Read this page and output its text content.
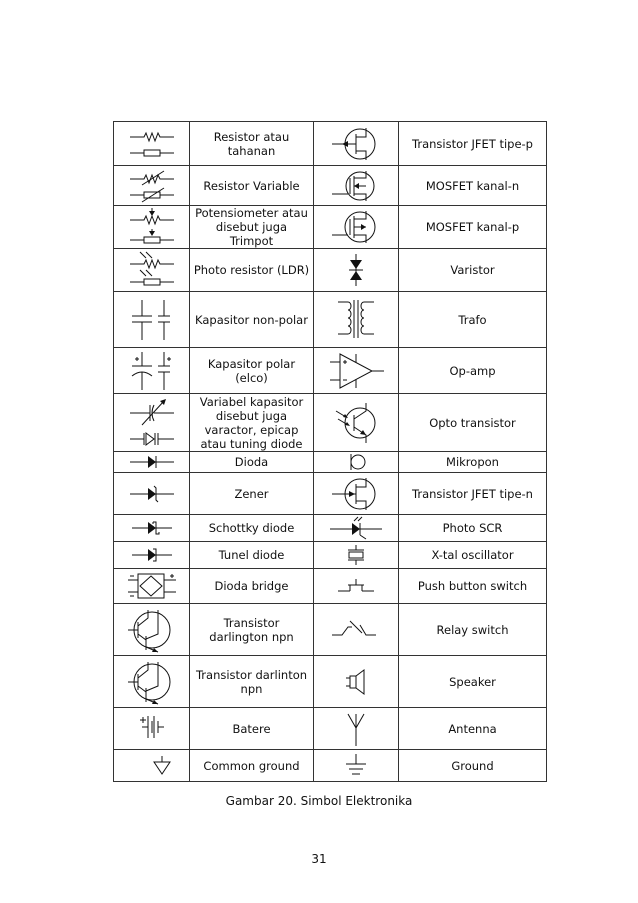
	Resistor atau tahanan		Transistor JFET tipe-p

	Resistor Variable		MOSFET kanal-n

	Potensiometer atau disebut juga Trimpot		MOSFET kanal-p

	Photo resistor (LDR)		Varistor

	Kapasitor non-polar		Trafo

	Kapasitor polar (elco)		Op-amp

	Variabel kapasitor disebut juga varactor, epicap atau tuning diode		Opto transistor

	Dioda		Mikropon

	Zener		Transistor JFET tipe-n

	Schottky diode		Photo SCR

	Tunel diode		X-tal oscillator

	Dioda bridge		Push button switch

	Transistor darlington npn		Relay switch

	Transistor darlinton npn		Speaker

	Batere		Antenna

	Common ground		Ground
Gambar 20. Simbol Elektronika
31
